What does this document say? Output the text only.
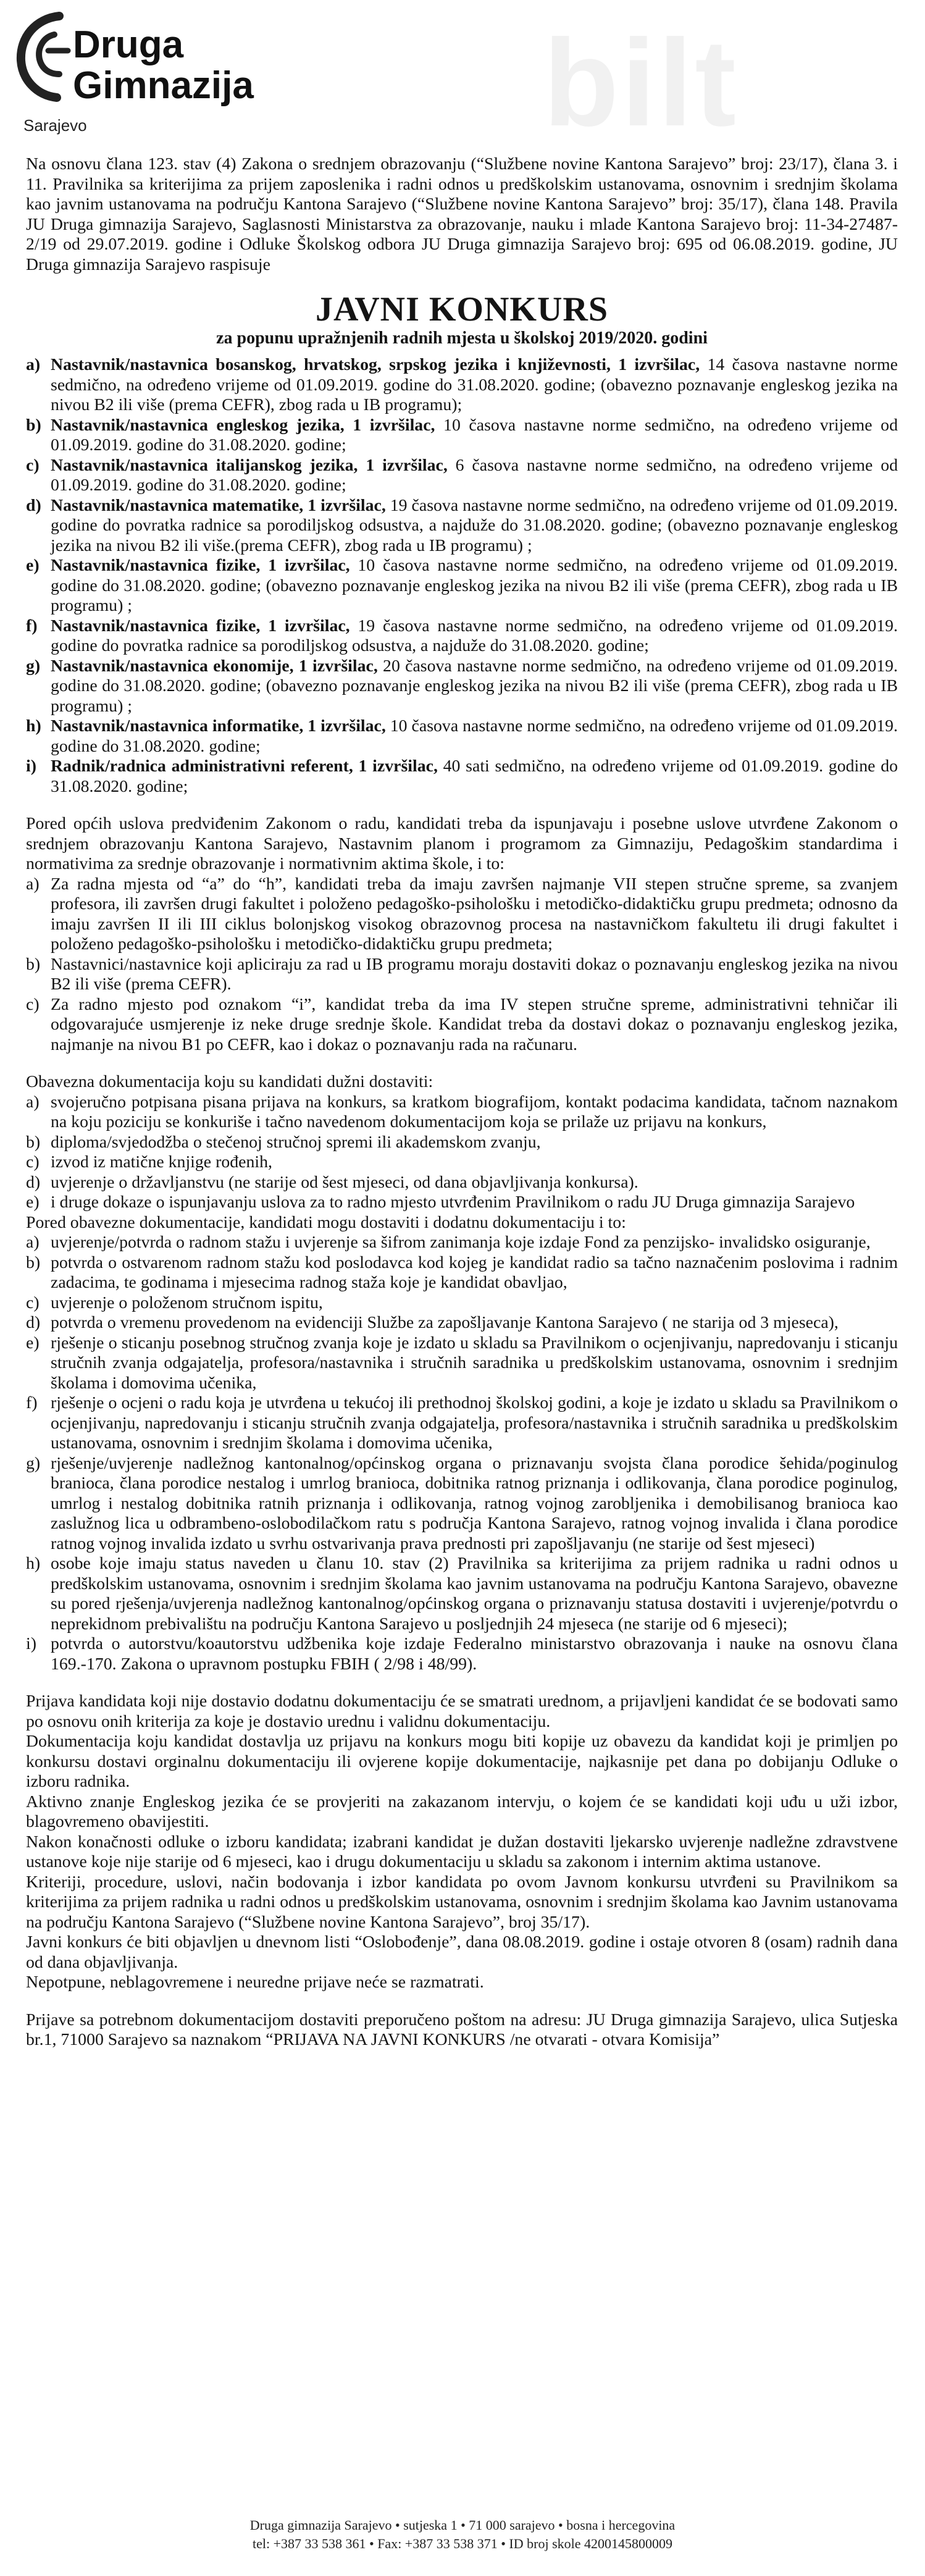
bilt
Druga
Gimnazija
Sarajevo

Na osnovu člana 123. stav (4) Zakona o srednjem obrazovanju (“Službene novine Kantona Sarajevo” broj: 23/17), člana 3. i 11. Pravilnika sa kriterijima za prijem zaposlenika i radni odnos u predškolskim ustanovama, osnovnim i srednjim školama kao javnim ustanovama na području Kantona Sarajevo (“Službene novine Kantona Sarajevo” broj: 35/17), člana 148. Pravila JU Druga gimnazija Sarajevo, Saglasnosti Ministarstva za obrazovanje, nauku i mlade Kantona Sarajevo broj: 11-34-27487-2/19 od 29.07.2019. godine i Odluke Školskog odbora JU Druga gimnazija Sarajevo broj: 695 od 06.08.2019. godine, JU Druga gimnazija Sarajevo raspisuje

JAVNI KONKURS
za popunu upražnjenih radnih mjesta u školskoj 2019/2020. godini
a) Nastavnik/nastavnica bosanskog, hrvatskog, srpskog jezika i književnosti, 1 izvršilac, 14 časova nastavne norme sedmično, na određeno vrijeme od 01.09.2019. godine do 31.08.2020. godine; (obavezno poznavanje engleskog jezika na nivou B2 ili više (prema CEFR), zbog rada u IB programu);
b) Nastavnik/nastavnica engleskog jezika, 1 izvršilac, 10 časova nastavne norme sedmično, na određeno vrijeme od 01.09.2019. godine do 31.08.2020. godine;
c) Nastavnik/nastavnica italijanskog jezika, 1 izvršilac, 6 časova nastavne norme sedmično, na određeno vrijeme od 01.09.2019. godine do 31.08.2020. godine;
d) Nastavnik/nastavnica matematike, 1 izvršilac, 19 časova nastavne norme sedmično, na određeno vrijeme od 01.09.2019. godine do povratka radnice sa porodiljskog odsustva, a najduže do 31.08.2020. godine; (obavezno poznavanje engleskog jezika na nivou B2 ili više.(prema CEFR), zbog rada u IB programu) ;
e) Nastavnik/nastavnica fizike, 1 izvršilac, 10 časova nastavne norme sedmično, na određeno vrijeme od 01.09.2019. godine do 31.08.2020. godine; (obavezno poznavanje engleskog jezika na nivou B2 ili više (prema CEFR), zbog rada u IB programu) ;
f) Nastavnik/nastavnica fizike, 1 izvršilac, 19 časova nastavne norme sedmično, na određeno vrijeme od 01.09.2019. godine do povratka radnice sa porodiljskog odsustva, a najduže do 31.08.2020. godine;
g) Nastavnik/nastavnica ekonomije, 1 izvršilac, 20 časova nastavne norme sedmično, na određeno vrijeme od 01.09.2019. godine do 31.08.2020. godine; (obavezno poznavanje engleskog jezika na nivou B2 ili više (prema CEFR), zbog rada u IB programu) ;
h) Nastavnik/nastavnica informatike, 1 izvršilac, 10 časova nastavne norme sedmično, na određeno vrijeme od 01.09.2019. godine do 31.08.2020. godine;
i) Radnik/radnica administrativni referent, 1 izvršilac, 40 sati sedmično, na određeno vrijeme od 01.09.2019. godine do 31.08.2020. godine;

Pored općih uslova predviđenim Zakonom o radu, kandidati treba da ispunjavaju i posebne uslove utvrđene Zakonom o srednjem obrazovanju Kantona Sarajevo, Nastavnim planom i programom za Gimnaziju, Pedagoškim standardima i normativima za srednje obrazovanje i normativnim aktima škole, i to:

a) Za radna mjesta od “a” do “h”, kandidati treba da imaju završen najmanje VII stepen stručne spreme, sa zvanjem profesora, ili završen drugi fakultet i položeno pedagoško-psihološku i metodičko-didaktičku grupu predmeta; odnosno da imaju završen II ili III ciklus bolonjskog visokog obrazovnog procesa na nastavničkom fakultetu ili drugi fakultet i položeno pedagoško-psihološku i metodičko-didaktičku grupu predmeta;
b) Nastavnici/nastavnice koji apliciraju za rad u IB programu moraju dostaviti dokaz o poznavanju engleskog jezika na nivou B2 ili više (prema CEFR).
c) Za radno mjesto pod oznakom “i”, kandidat treba da ima IV stepen stručne spreme, administrativni tehničar ili odgovarajuće usmjerenje iz neke druge srednje škole. Kandidat treba da dostavi dokaz o poznavanju engleskog jezika, najmanje na nivou B1 po CEFR, kao i dokaz o poznavanju rada na računaru.

Obavezna dokumentacija koju su kandidati dužni dostaviti:

a) svojeručno potpisana pisana prijava na konkurs, sa kratkom biografijom, kontakt podacima kandidata, tačnom naznakom na koju poziciju se konkuriše i tačno navedenom dokumentacijom koja se prilaže uz prijavu na konkurs,
b) diploma/svjedodžba o stečenoj stručnoj spremi ili akademskom zvanju,
c) izvod iz matične knjige rođenih,
d) uvjerenje o državljanstvu (ne starije od šest mjeseci, od dana objavljivanja konkursa).
e) i druge dokaze o ispunjavanju uslova za to radno mjesto utvrđenim Pravilnikom o radu JU Druga gimnazija Sarajevo

Pored obavezne dokumentacije, kandidati mogu dostaviti i dodatnu dokumentaciju i to:

a) uvjerenje/potvrda o radnom stažu i uvjerenje sa šifrom zanimanja koje izdaje Fond za penzijsko- invalidsko osiguranje,
b) potvrda o ostvarenom radnom stažu kod poslodavca kod kojeg je kandidat radio sa tačno naznačenim poslovima i radnim zadacima, te godinama i mjesecima radnog staža koje je kandidat obavljao,
c) uvjerenje o položenom stručnom ispitu,
d) potvrda o vremenu provedenom na evidenciji Službe za zapošljavanje Kantona Sarajevo ( ne starija od 3 mjeseca),
e) rješenje o sticanju posebnog stručnog zvanja koje je izdato u skladu sa Pravilnikom o ocjenjivanju, napredovanju i sticanju stručnih zvanja odgajatelja, profesora/nastavnika i stručnih saradnika u predškolskim ustanovama, osnovnim i srednjim školama i domovima učenika,
f) rješenje o ocjeni o radu koja je utvrđena u tekućoj ili prethodnoj školskoj godini, a koje je izdato u skladu sa Pravilnikom o ocjenjivanju, napredovanju i sticanju stručnih zvanja odgajatelja, profesora/nastavnika i stručnih saradnika u predškolskim ustanovama, osnovnim i srednjim školama i domovima učenika,
g) rješenje/uvjerenje nadležnog kantonalnog/općinskog organa o priznavanju svojsta člana porodice šehida/poginulog branioca, člana porodice nestalog i umrlog branioca, dobitnika ratnog priznanja i odlikovanja, člana porodice poginulog, umrlog i nestalog dobitnika ratnih priznanja i odlikovanja, ratnog vojnog zarobljenika i demobilisanog branioca kao zaslužnog lica u odbrambeno-oslobodilačkom ratu s područja Kantona Sarajevo, ratnog vojnog invalida i člana porodice ratnog vojnog invalida izdato u svrhu ostvarivanja prava prednosti pri zapošljavanju (ne starije od šest mjeseci)
h) osobe koje imaju status naveden u članu 10. stav (2) Pravilnika sa kriterijima za prijem radnika u radni odnos u predškolskim ustanovama, osnovnim i srednjim školama kao javnim ustanovama na području Kantona Sarajevo, obavezne su pored rješenja/uvjerenja nadležnog kantonalnog/općinskog organa o priznavanju statusa dostaviti i uvjerenje/potvrdu o neprekidnom prebivalištu na području Kantona Sarajevo u posljednjih 24 mjeseca (ne starije od 6 mjeseci);
i) potvrda o autorstvu/koautorstvu udžbenika koje izdaje Federalno ministarstvo obrazovanja i nauke na osnovu člana 169.-170. Zakona o upravnom postupku FBIH ( 2/98 i 48/99).

Prijava kandidata koji nije dostavio dodatnu dokumentaciju će se smatrati urednom, a prijavljeni kandidat će se bodovati samo po osnovu onih kriterija za koje je dostavio urednu i validnu dokumentaciju.

Dokumentacija koju kandidat dostavlja uz prijavu na konkurs mogu biti kopije uz obavezu da kandidat koji je primljen po konkursu dostavi orginalnu dokumentaciju ili ovjerene kopije dokumentacije, najkasnije pet dana po dobijanju Odluke o izboru radnika.

Aktivno znanje Engleskog jezika će se provjeriti na zakazanom intervju, o kojem će se kandidati koji uđu u uži izbor, blagovremeno obavijestiti.

Nakon konačnosti odluke o izboru kandidata; izabrani kandidat je dužan dostaviti ljekarsko uvjerenje nadležne zdravstvene ustanove koje nije starije od 6 mjeseci, kao i drugu dokumentaciju u skladu sa zakonom i internim aktima ustanove.

Kriteriji, procedure, uslovi, način bodovanja i izbor kandidata po ovom Javnom konkursu utvrđeni su Pravilnikom sa kriterijima za prijem radnika u radni odnos u predškolskim ustanovama, osnovnim i srednjim školama kao Javnim ustanovama na području Kantona Sarajevo (“Službene novine Kantona Sarajevo”, broj 35/17).

Javni konkurs će biti objavljen u dnevnom listi “Oslobođenje”, dana 08.08.2019. godine i ostaje otvoren 8 (osam) radnih dana od dana objavljivanja.

Nepotpune, neblagovremene i neuredne prijave neće se razmatrati.

Prijave sa potrebnom dokumentacijom dostaviti preporučeno poštom na adresu: JU Druga gimnazija Sarajevo, ulica Sutjeska br.1, 71000 Sarajevo sa naznakom “PRIJAVA NA JAVNI KONKURS /ne otvarati - otvara Komisija”

Druga gimnazija Sarajevo • sutjeska 1 • 71 000 sarajevo • bosna i hercegovina
tel: +387 33 538 361 • Fax: +387 33 538 371 • ID broj skole 4200145800009
